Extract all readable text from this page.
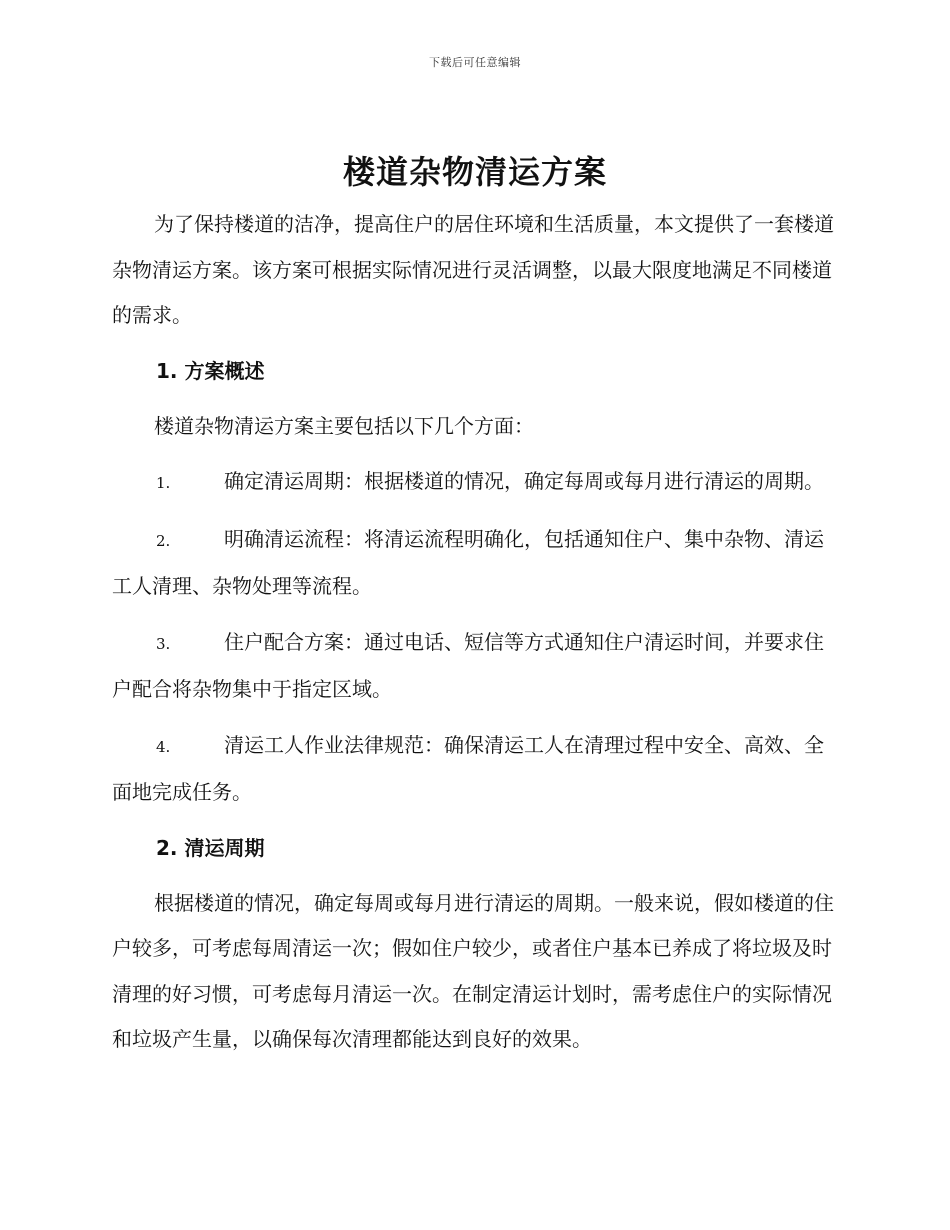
下载后可任意编辑
楼道杂物清运方案

为了保持楼道的洁净，提高住户的居住环境和生活质量，本文提供了一套楼道杂物清运方案。该方案可根据实际情况进行灵活调整，以最大限度地满足不同楼道的需求。

1. 方案概述

楼道杂物清运方案主要包括以下几个方面：

1.	确定清运周期：根据楼道的情况，确定每周或每月进行清运的周期。

2.	明确清运流程：将清运流程明确化，包括通知住户、集中杂物、清运工人清理、杂物处理等流程。

3.	住户配合方案：通过电话、短信等方式通知住户清运时间，并要求住户配合将杂物集中于指定区域。

4.	清运工人作业法律规范：确保清运工人在清理过程中安全、高效、全面地完成任务。

2. 清运周期

根据楼道的情况，确定每周或每月进行清运的周期。一般来说，假如楼道的住户较多，可考虑每周清运一次；假如住户较少，或者住户基本已养成了将垃圾及时清理的好习惯，可考虑每月清运一次。在制定清运计划时，需考虑住户的实际情况和垃圾产生量，以确保每次清理都能达到良好的效果。
